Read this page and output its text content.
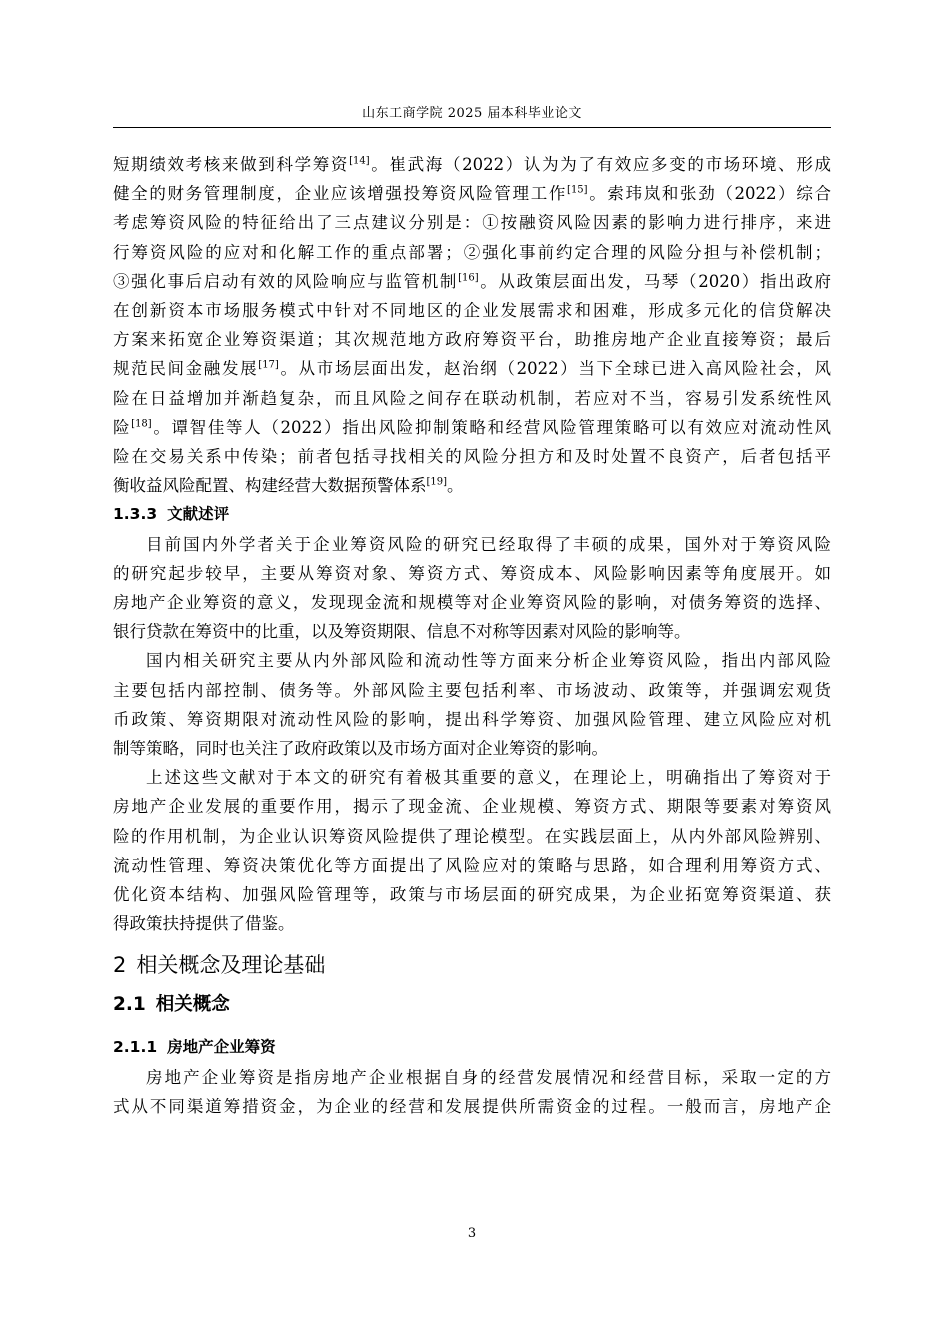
山东工商学院 2025 届本科毕业论文

短期绩效考核来做到科学筹资[14]。崔武海（2022）认为为了有效应多变的市场环境、形成

健全的财务管理制度，企业应该增强投筹资风险管理工作[15]。索玮岚和张劲（2022）综合

考虑筹资风险的特征给出了三点建议分别是：①按融资风险因素的影响力进行排序，来进

行筹资风险的应对和化解工作的重点部署；②强化事前约定合理的风险分担与补偿机制；

③强化事后启动有效的风险响应与监管机制[16]。从政策层面出发，马琴（2020）指出政府

在创新资本市场服务模式中针对不同地区的企业发展需求和困难，形成多元化的信贷解决

方案来拓宽企业筹资渠道；其次规范地方政府筹资平台，助推房地产企业直接筹资；最后

规范民间金融发展[17]。从市场层面出发，赵治纲（2022）当下全球已进入高风险社会，风

险在日益增加并渐趋复杂，而且风险之间存在联动机制，若应对不当，容易引发系统性风

险[18]。谭智佳等人（2022）指出风险抑制策略和经营风险管理策略可以有效应对流动性风

险在交易关系中传染；前者包括寻找相关的风险分担方和及时处置不良资产，后者包括平

衡收益风险配置、构建经营大数据预警体系[19]。

1.3.3 文献述评

目前国内外学者关于企业筹资风险的研究已经取得了丰硕的成果，国外对于筹资风险

的研究起步较早，主要从筹资对象、筹资方式、筹资成本、风险影响因素等角度展开。如

房地产企业筹资的意义，发现现金流和规模等对企业筹资风险的影响，对债务筹资的选择、

银行贷款在筹资中的比重，以及筹资期限、信息不对称等因素对风险的影响等。

国内相关研究主要从内外部风险和流动性等方面来分析企业筹资风险，指出内部风险

主要包括内部控制、债务等。外部风险主要包括利率、市场波动、政策等，并强调宏观货

币政策、筹资期限对流动性风险的影响，提出科学筹资、加强风险管理、建立风险应对机

制等策略，同时也关注了政府政策以及市场方面对企业筹资的影响。

上述这些文献对于本文的研究有着极其重要的意义，在理论上，明确指出了筹资对于

房地产企业发展的重要作用，揭示了现金流、企业规模、筹资方式、期限等要素对筹资风

险的作用机制，为企业认识筹资风险提供了理论模型。在实践层面上，从内外部风险辨别、

流动性管理、筹资决策优化等方面提出了风险应对的策略与思路，如合理利用筹资方式、

优化资本结构、加强风险管理等，政策与市场层面的研究成果，为企业拓宽筹资渠道、获

得政策扶持提供了借鉴。

2 相关概念及理论基础
2.1 相关概念
2.1.1 房地产企业筹资

房地产企业筹资是指房地产企业根据自身的经营发展情况和经营目标，采取一定的方

式从不同渠道筹措资金，为企业的经营和发展提供所需资金的过程。一般而言，房地产企

3
